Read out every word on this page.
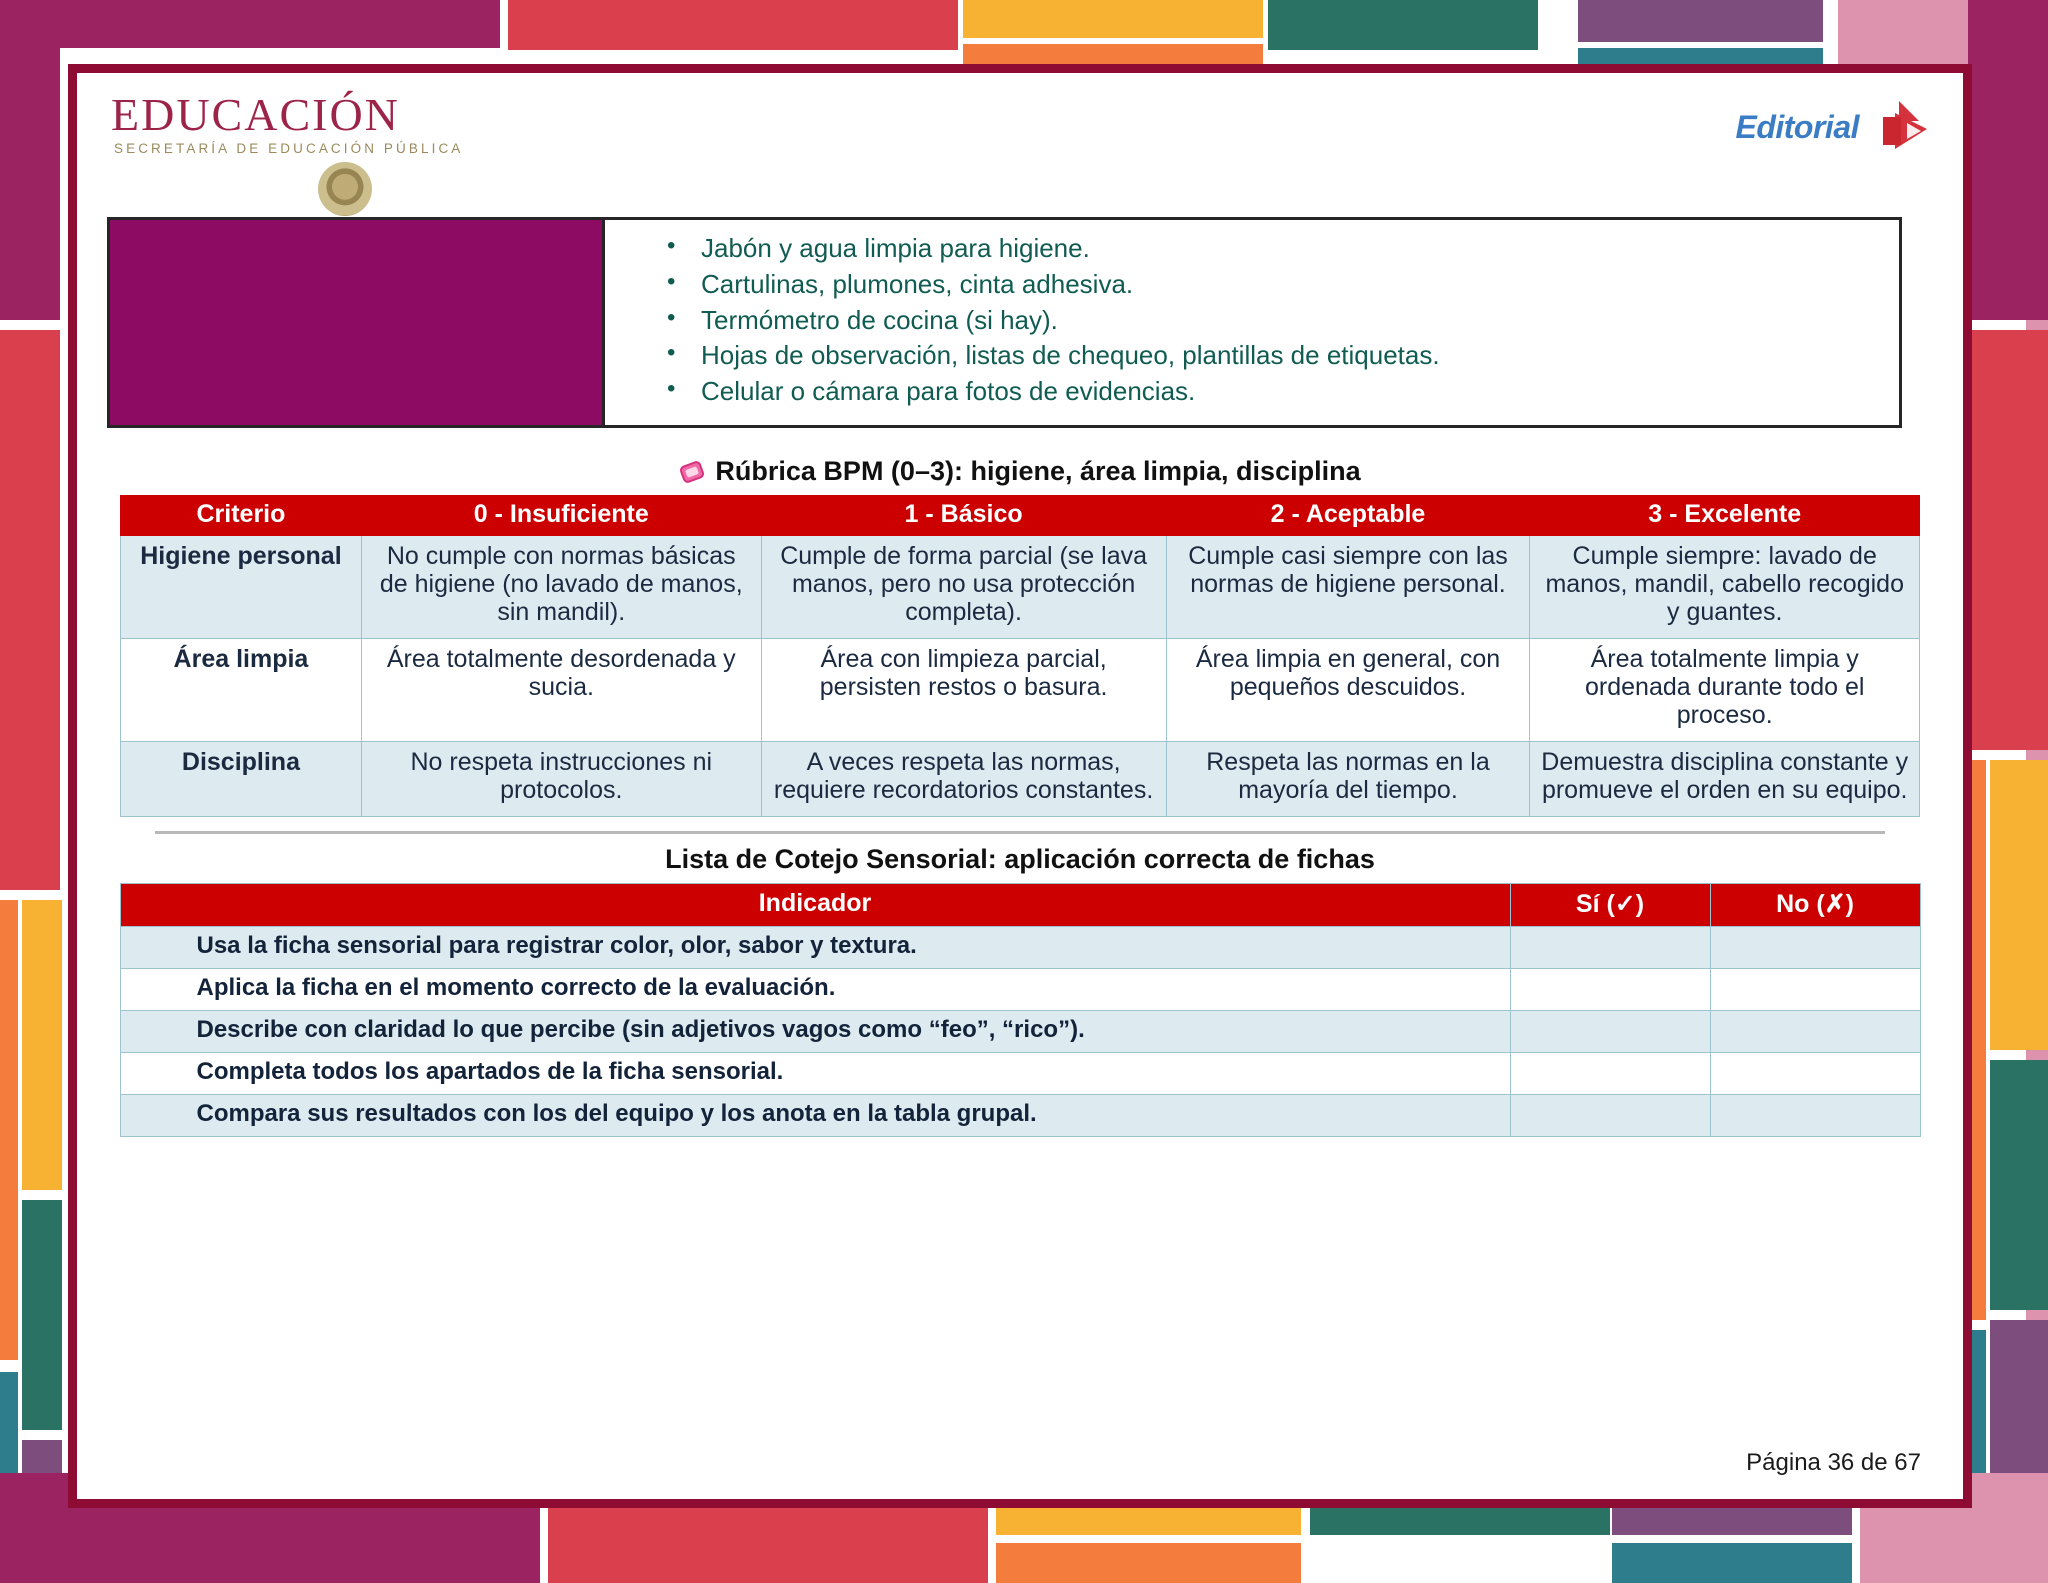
EDUCACIÓN
SECRETARÍA DE EDUCACIÓN PÚBLICA
Editorial
• Jabón y agua limpia para higiene.
• Cartulinas, plumones, cinta adhesiva.
• Termómetro de cocina (si hay).
• Hojas de observación, listas de chequeo, plantillas de etiquetas.
• Celular o cámara para fotos de evidencias.
Rúbrica BPM (0–3): higiene, área limpia, disciplina
Criterio	0 - Insuficiente	1 - Básico	2 - Aceptable	3 - Excelente
Higiene personal	No cumple con normas básicas de higiene (no lavado de manos, sin mandil).	Cumple de forma parcial (se lava manos, pero no usa protección completa).	Cumple casi siempre con las normas de higiene personal.	Cumple siempre: lavado de manos, mandil, cabello recogido y guantes.
Área limpia	Área totalmente desordenada y sucia.	Área con limpieza parcial, persisten restos o basura.	Área limpia en general, con pequeños descuidos.	Área totalmente limpia y ordenada durante todo el proceso.
Disciplina	No respeta instrucciones ni protocolos.	A veces respeta las normas, requiere recordatorios constantes.	Respeta las normas en la mayoría del tiempo.	Demuestra disciplina constante y promueve el orden en su equipo.
Lista de Cotejo Sensorial: aplicación correcta de fichas
Indicador	Sí (✓)	No (✗)
Usa la ficha sensorial para registrar color, olor, sabor y textura.		
Aplica la ficha en el momento correcto de la evaluación.		
Describe con claridad lo que percibe (sin adjetivos vagos como “feo”, “rico”).		
Completa todos los apartados de la ficha sensorial.		
Compara sus resultados con los del equipo y los anota en la tabla grupal.		
Página 36 de 67
